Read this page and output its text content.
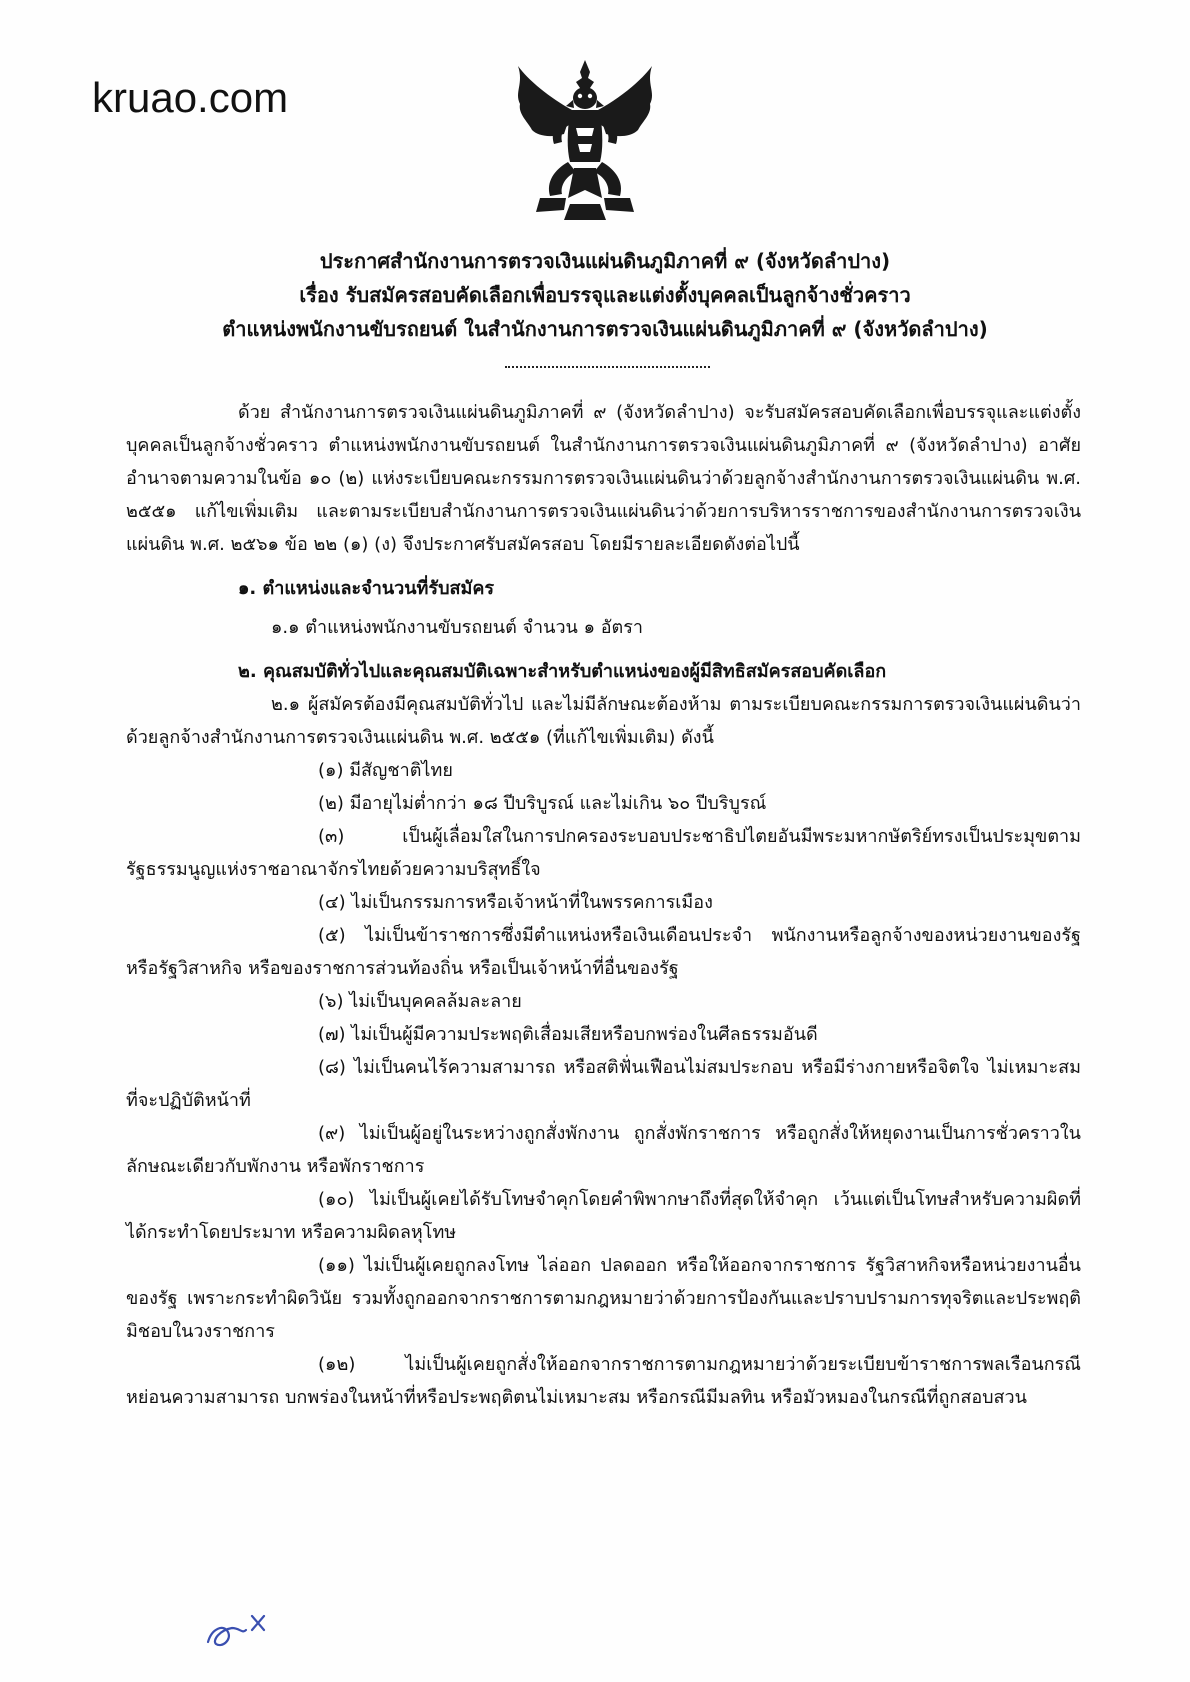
kruao.com
ประกาศสำนักงานการตรวจเงินแผ่นดินภูมิภาคที่ ๙ (จังหวัดลำปาง)
เรื่อง รับสมัครสอบคัดเลือกเพื่อบรรจุและแต่งตั้งบุคคลเป็นลูกจ้างชั่วคราว
ตำแหน่งพนักงานขับรถยนต์ ในสำนักงานการตรวจเงินแผ่นดินภูมิภาคที่ ๙ (จังหวัดลำปาง)

ด้วย สำนักงานการตรวจเงินแผ่นดินภูมิภาคที่ ๙ (จังหวัดลำปาง) จะรับสมัครสอบคัดเลือกเพื่อบรรจุและแต่งตั้งบุคคลเป็นลูกจ้างชั่วคราว ตำแหน่งพนักงานขับรถยนต์ ในสำนักงานการตรวจเงินแผ่นดินภูมิภาคที่ ๙ (จังหวัดลำปาง) อาศัยอำนาจตามความในข้อ ๑๐ (๒) แห่งระเบียบคณะกรรมการตรวจเงินแผ่นดินว่าด้วยลูกจ้างสำนักงานการตรวจเงินแผ่นดิน พ.ศ. ๒๕๕๑ แก้ไขเพิ่มเติม และตามระเบียบสำนักงานการตรวจเงินแผ่นดินว่าด้วยการบริหารราชการของสำนักงานการตรวจเงินแผ่นดิน พ.ศ. ๒๕๖๑ ข้อ ๒๒ (๑) (ง) จึงประกาศรับสมัครสอบ โดยมีรายละเอียดดังต่อไปนี้

๑. ตำแหน่งและจำนวนที่รับสมัคร

๑.๑ ตำแหน่งพนักงานขับรถยนต์ จำนวน ๑ อัตรา

๒. คุณสมบัติทั่วไปและคุณสมบัติเฉพาะสำหรับตำแหน่งของผู้มีสิทธิสมัครสอบคัดเลือก

๒.๑ ผู้สมัครต้องมีคุณสมบัติทั่วไป และไม่มีลักษณะต้องห้าม ตามระเบียบคณะกรรมการตรวจเงินแผ่นดินว่าด้วยลูกจ้างสำนักงานการตรวจเงินแผ่นดิน พ.ศ. ๒๕๕๑ (ที่แก้ไขเพิ่มเติม) ดังนี้

(๑) มีสัญชาติไทย

(๒) มีอายุไม่ต่ำกว่า ๑๘ ปีบริบูรณ์ และไม่เกิน ๖๐ ปีบริบูรณ์

(๓) เป็นผู้เลื่อมใสในการปกครองระบอบประชาธิปไตยอันมีพระมหากษัตริย์ทรงเป็นประมุขตามรัฐธรรมนูญแห่งราชอาณาจักรไทยด้วยความบริสุทธิ์ใจ

(๔) ไม่เป็นกรรมการหรือเจ้าหน้าที่ในพรรคการเมือง

(๕) ไม่เป็นข้าราชการซึ่งมีตำแหน่งหรือเงินเดือนประจำ พนักงานหรือลูกจ้างของหน่วยงานของรัฐ หรือรัฐวิสาหกิจ หรือของราชการส่วนท้องถิ่น หรือเป็นเจ้าหน้าที่อื่นของรัฐ

(๖) ไม่เป็นบุคคลล้มละลาย

(๗) ไม่เป็นผู้มีความประพฤติเสื่อมเสียหรือบกพร่องในศีลธรรมอันดี

(๘) ไม่เป็นคนไร้ความสามารถ หรือสติฟั่นเฟือนไม่สมประกอบ หรือมีร่างกายหรือจิตใจ ไม่เหมาะสมที่จะปฏิบัติหน้าที่

(๙) ไม่เป็นผู้อยู่ในระหว่างถูกสั่งพักงาน ถูกสั่งพักราชการ หรือถูกสั่งให้หยุดงานเป็นการชั่วคราวในลักษณะเดียวกับพักงาน หรือพักราชการ

(๑๐) ไม่เป็นผู้เคยได้รับโทษจำคุกโดยคำพิพากษาถึงที่สุดให้จำคุก เว้นแต่เป็นโทษสำหรับความผิดที่ได้กระทำโดยประมาท หรือความผิดลหุโทษ

(๑๑) ไม่เป็นผู้เคยถูกลงโทษ ไล่ออก ปลดออก หรือให้ออกจากราชการ รัฐวิสาหกิจหรือหน่วยงานอื่นของรัฐ เพราะกระทำผิดวินัย รวมทั้งถูกออกจากราชการตามกฎหมายว่าด้วยการป้องกันและปราบปรามการทุจริตและประพฤติมิชอบในวงราชการ

(๑๒) ไม่เป็นผู้เคยถูกสั่งให้ออกจากราชการตามกฎหมายว่าด้วยระเบียบข้าราชการพลเรือนกรณีหย่อนความสามารถ บกพร่องในหน้าที่หรือประพฤติตนไม่เหมาะสม หรือกรณีมีมลทิน หรือมัวหมองในกรณีที่ถูกสอบสวน
